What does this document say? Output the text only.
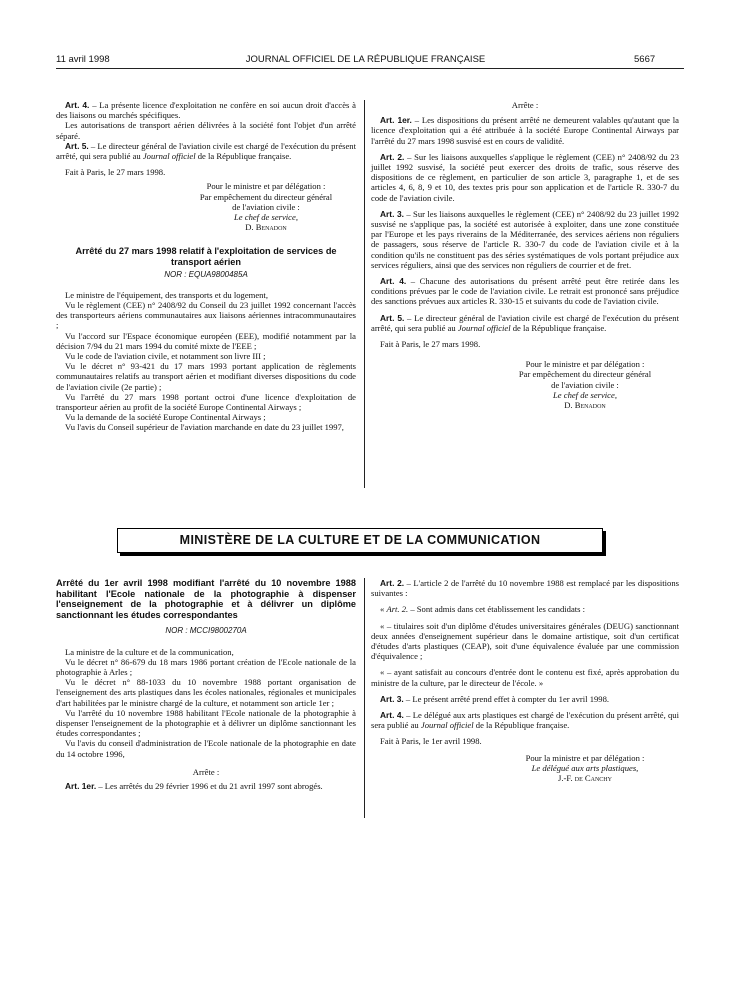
11 avril 1998	JOURNAL OFFICIEL DE LA RÉPUBLIQUE FRANÇAISE	5667

Art. 4. – La présente licence d'exploitation ne confère en soi aucun droit d'accès à des liaisons ou marchés spécifiques.

Les autorisations de transport aérien délivrées à la société font l'objet d'un arrêté séparé.

Art. 5. – Le directeur général de l'aviation civile est chargé de l'exécution du présent arrêté, qui sera publié au Journal officiel de la République française.

Fait à Paris, le 27 mars 1998.

Pour le ministre et par délégation :
Par empêchement du directeur général
de l'aviation civile :
Le chef de service,
D. Benadon
Arrêté du 27 mars 1998 relatif à l'exploitation de services de transport aérien
NOR : EQUA9800485A

Le ministre de l'équipement, des transports et du logement,

Vu le règlement (CEE) n° 2408/92 du Conseil du 23 juillet 1992 concernant l'accès des transporteurs aériens communautaires aux liaisons aériennes intracommunautaires ;

Vu l'accord sur l'Espace économique européen (EEE), modifié notamment par la décision 7/94 du 21 mars 1994 du comité mixte de l'EEE ;

Vu le code de l'aviation civile, et notamment son livre III ;

Vu le décret n° 93-421 du 17 mars 1993 portant application de règlements communautaires relatifs au transport aérien et modifiant diverses dispositions du code de l'aviation civile (2e partie) ;

Vu l'arrêté du 27 mars 1998 portant octroi d'une licence d'exploitation de transporteur aérien au profit de la société Europe Continental Airways ;

Vu la demande de la société Europe Continental Airways ;

Vu l'avis du Conseil supérieur de l'aviation marchande en date du 23 juillet 1997,

Arrête :

Art. 1er. – Les dispositions du présent arrêté ne demeurent valables qu'autant que la licence d'exploitation qui a été attribuée à la société Europe Continental Airways par l'arrêté du 27 mars 1998 susvisé est en cours de validité.

Art. 2. – Sur les liaisons auxquelles s'applique le règlement (CEE) n° 2408/92 du 23 juillet 1992 susvisé, la société peut exercer des droits de trafic, sous réserve des dispositions de ce règlement, en particulier de son article 3, paragraphe 1, et de ses articles 4, 6, 8, 9 et 10, des textes pris pour son application et de l'article R. 330-7 du code de l'aviation civile.

Art. 3. – Sur les liaisons auxquelles le règlement (CEE) n° 2408/92 du 23 juillet 1992 susvisé ne s'applique pas, la société est autorisée à exploiter, dans une zone constituée par l'Europe et les pays riverains de la Méditerranée, des services aériens non réguliers de passagers, sous réserve de l'article R. 330-7 du code de l'aviation civile et à la condition qu'ils ne constituent pas des séries systématiques de vols portant préjudice aux services réguliers, ainsi que des services non réguliers de courrier et de fret.

Art. 4. – Chacune des autorisations du présent arrêté peut être retirée dans les conditions prévues par le code de l'aviation civile. Le retrait est prononcé sans préjudice des sanctions prévues aux articles R. 330-15 et suivants du code de l'aviation civile.

Art. 5. – Le directeur général de l'aviation civile est chargé de l'exécution du présent arrêté, qui sera publié au Journal officiel de la République française.

Fait à Paris, le 27 mars 1998.

Pour le ministre et par délégation :
Par empêchement du directeur général
de l'aviation civile :
Le chef de service,
D. Benadon
MINISTÈRE DE LA CULTURE ET DE LA COMMUNICATION
Arrêté du 1er avril 1998 modifiant l'arrêté du 10 novembre 1988 habilitant l'Ecole nationale de la photographie à dispenser l'enseignement de la photographie et à délivrer un diplôme sanctionnant les études correspondantes
NOR : MCCI9800270A

La ministre de la culture et de la communication,

Vu le décret n° 86-679 du 18 mars 1986 portant création de l'Ecole nationale de la photographie à Arles ;

Vu le décret n° 88-1033 du 10 novembre 1988 portant organisation de l'enseignement des arts plastiques dans les écoles nationales, régionales et municipales d'art habilitées par le ministre chargé de la culture, et notamment son article 1er ;

Vu l'arrêté du 10 novembre 1988 habilitant l'Ecole nationale de la photographie à dispenser l'enseignement de la photographie et à délivrer un diplôme sanctionnant les études correspondantes ;

Vu l'avis du conseil d'administration de l'Ecole nationale de la photographie en date du 14 octobre 1996,

Arrête :

Art. 1er. – Les arrêtés du 29 février 1996 et du 21 avril 1997 sont abrogés.

Art. 2. – L'article 2 de l'arrêté du 10 novembre 1988 est remplacé par les dispositions suivantes :

« Art. 2. – Sont admis dans cet établissement les candidats :

« – titulaires soit d'un diplôme d'études universitaires générales (DEUG) sanctionnant deux années d'enseignement supérieur dans le domaine artistique, soit d'un certificat d'études d'arts plastiques (CEAP), soit d'une équivalence évaluée par une commission d'équivalence ;

« – ayant satisfait au concours d'entrée dont le contenu est fixé, après approbation du ministre de la culture, par le directeur de l'école. »

Art. 3. – Le présent arrêté prend effet à compter du 1er avril 1998.

Art. 4. – Le délégué aux arts plastiques est chargé de l'exécution du présent arrêté, qui sera publié au Journal officiel de la République française.

Fait à Paris, le 1er avril 1998.

Pour la ministre et par délégation :
Le délégué aux arts plastiques,
J.-F. de Canchy
